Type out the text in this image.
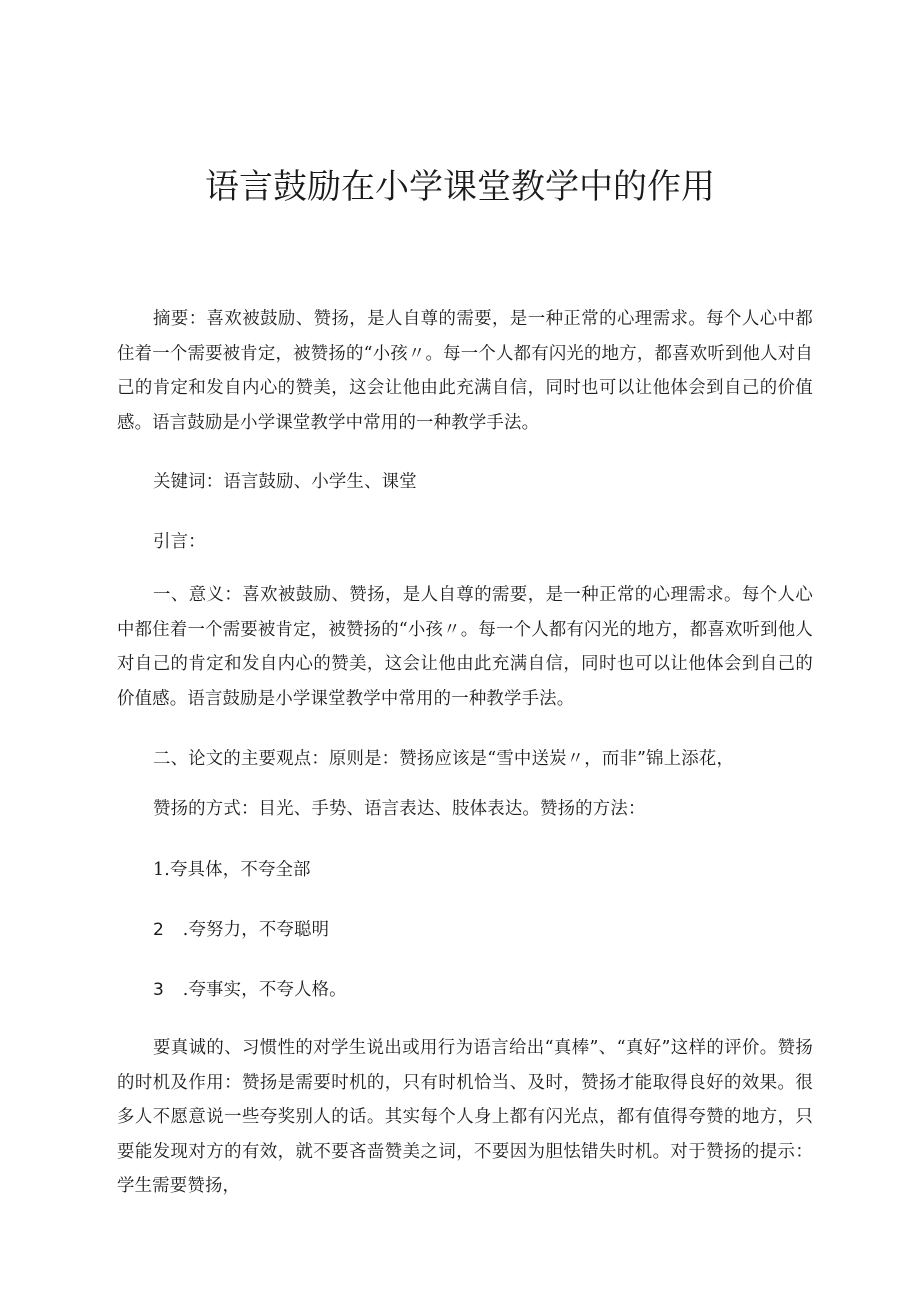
语言鼓励在小学课堂教学中的作用

摘要：喜欢被鼓励、赞扬，是人自尊的需要，是一种正常的心理需求。每个人心中都住着一个需要被肯定，被赞扬的“小孩〃。每一个人都有闪光的地方，都喜欢听到他人对自己的肯定和发自内心的赞美，这会让他由此充满自信，同时也可以让他体会到自己的价值感。语言鼓励是小学课堂教学中常用的一种教学手法。

关键词：语言鼓励、小学生、课堂

引言：

一、意义：喜欢被鼓励、赞扬，是人自尊的需要，是一种正常的心理需求。每个人心中都住着一个需要被肯定，被赞扬的“小孩〃。每一个人都有闪光的地方，都喜欢听到他人对自己的肯定和发自内心的赞美，这会让他由此充满自信，同时也可以让他体会到自己的价值感。语言鼓励是小学课堂教学中常用的一种教学手法。

二、论文的主要观点：原则是：赞扬应该是“雪中送炭〃，而非”锦上添花，

赞扬的方式：目光、手势、语言表达、肢体表达。赞扬的方法：

1.夸具体，不夸全部

2 .夸努力，不夸聪明

3 .夸事实，不夸人格。

要真诚的、习惯性的对学生说出或用行为语言给出“真棒”、“真好”这样的评价。赞扬的时机及作用：赞扬是需要时机的，只有时机恰当、及时，赞扬才能取得良好的效果。很多人不愿意说一些夸奖别人的话。其实每个人身上都有闪光点，都有值得夸赞的地方，只要能发现对方的有效，就不要吝啬赞美之词，不要因为胆怯错失时机。对于赞扬的提示：学生需要赞扬，
